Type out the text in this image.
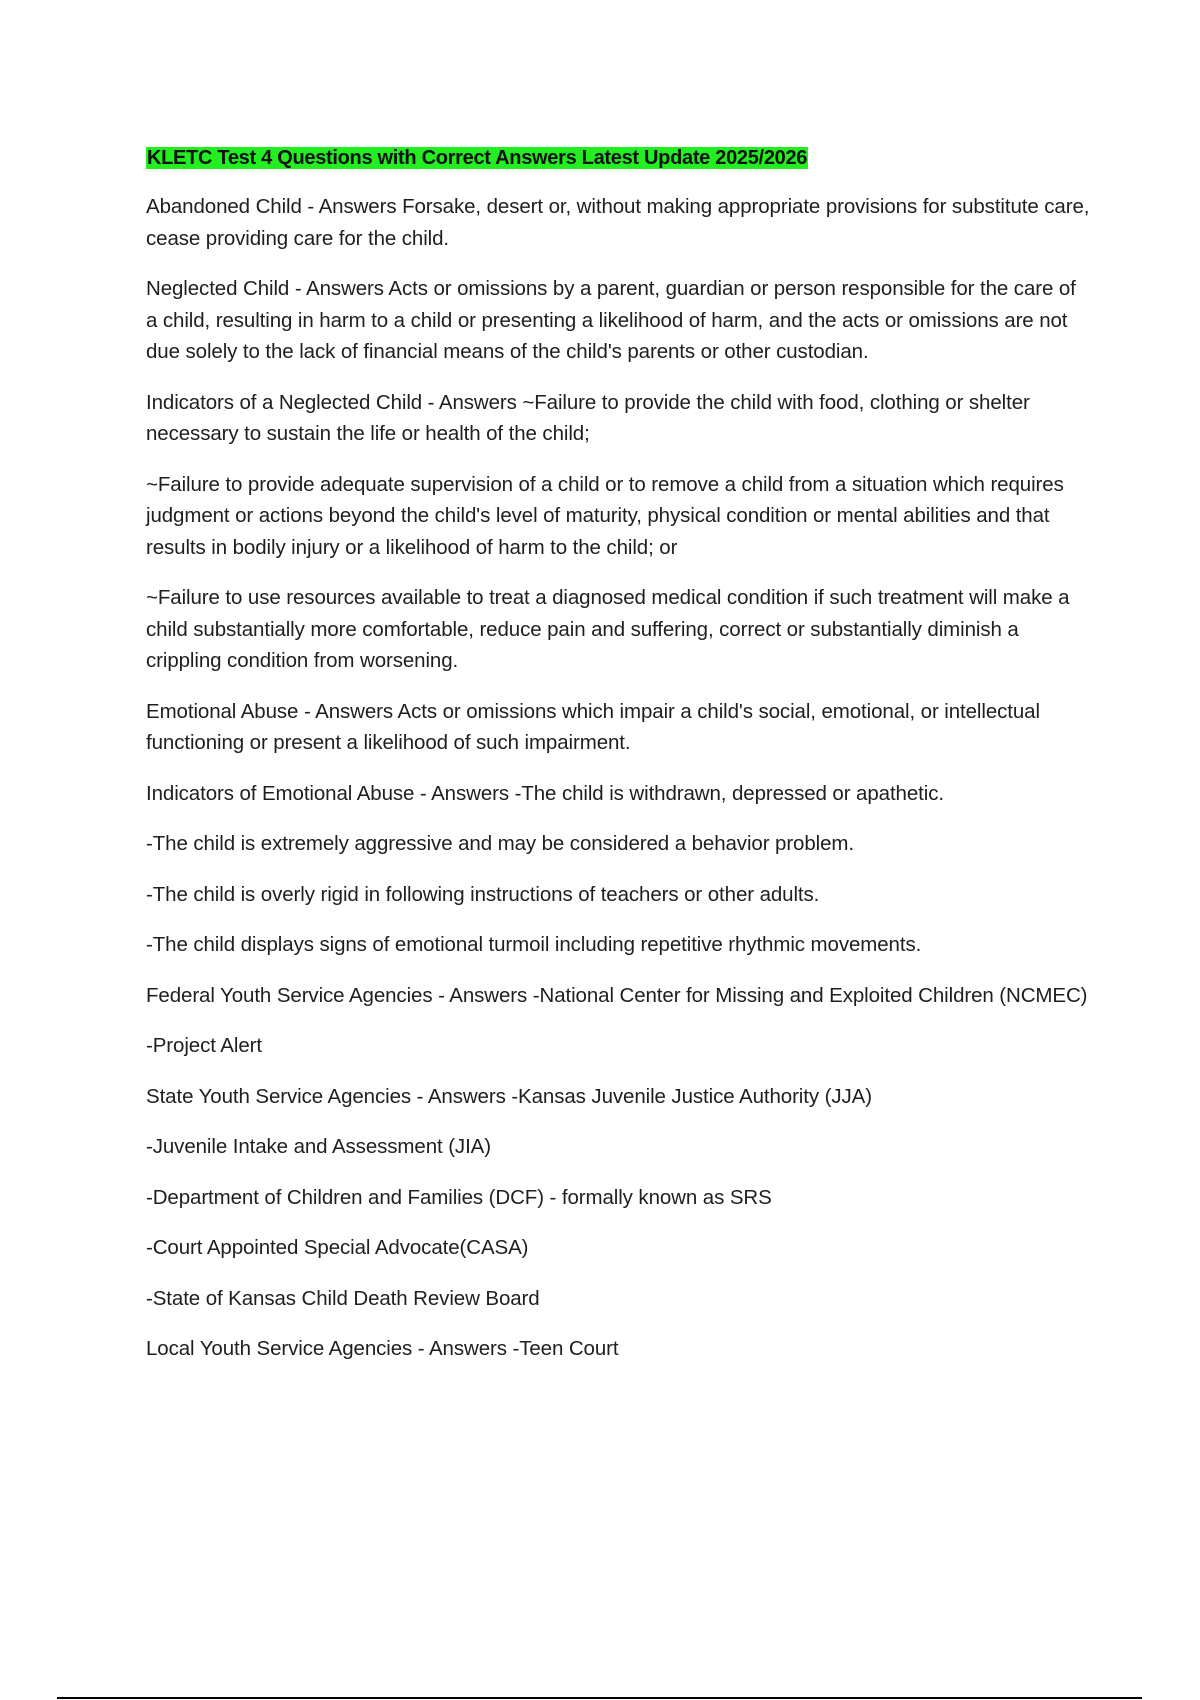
KLETC Test 4 Questions with Correct Answers Latest Update 2025/2026

Abandoned Child - Answers Forsake, desert or, without making appropriate provisions for substitute care, cease providing care for the child.

Neglected Child - Answers Acts or omissions by a parent, guardian or person responsible for the care of a child, resulting in harm to a child or presenting a likelihood of harm, and the acts or omissions are not due solely to the lack of financial means of the child's parents or other custodian.

Indicators of a Neglected Child - Answers ~Failure to provide the child with food, clothing or shelter necessary to sustain the life or health of the child;

~Failure to provide adequate supervision of a child or to remove a child from a situation which requires judgment or actions beyond the child's level of maturity, physical condition or mental abilities and that results in bodily injury or a likelihood of harm to the child; or

~Failure to use resources available to treat a diagnosed medical condition if such treatment will make a child substantially more comfortable, reduce pain and suffering, correct or substantially diminish a crippling condition from worsening.

Emotional Abuse - Answers Acts or omissions which impair a child's social, emotional, or intellectual functioning or present a likelihood of such impairment.

Indicators of Emotional Abuse - Answers -The child is withdrawn, depressed or apathetic.

-The child is extremely aggressive and may be considered a behavior problem.

-The child is overly rigid in following instructions of teachers or other adults.

-The child displays signs of emotional turmoil including repetitive rhythmic movements.

Federal Youth Service Agencies - Answers -National Center for Missing and Exploited Children (NCMEC)

-Project Alert

State Youth Service Agencies - Answers -Kansas Juvenile Justice Authority (JJA)

-Juvenile Intake and Assessment (JIA)

-Department of Children and Families (DCF) - formally known as SRS

-Court Appointed Special Advocate(CASA)

-State of Kansas Child Death Review Board

Local Youth Service Agencies - Answers -Teen Court
